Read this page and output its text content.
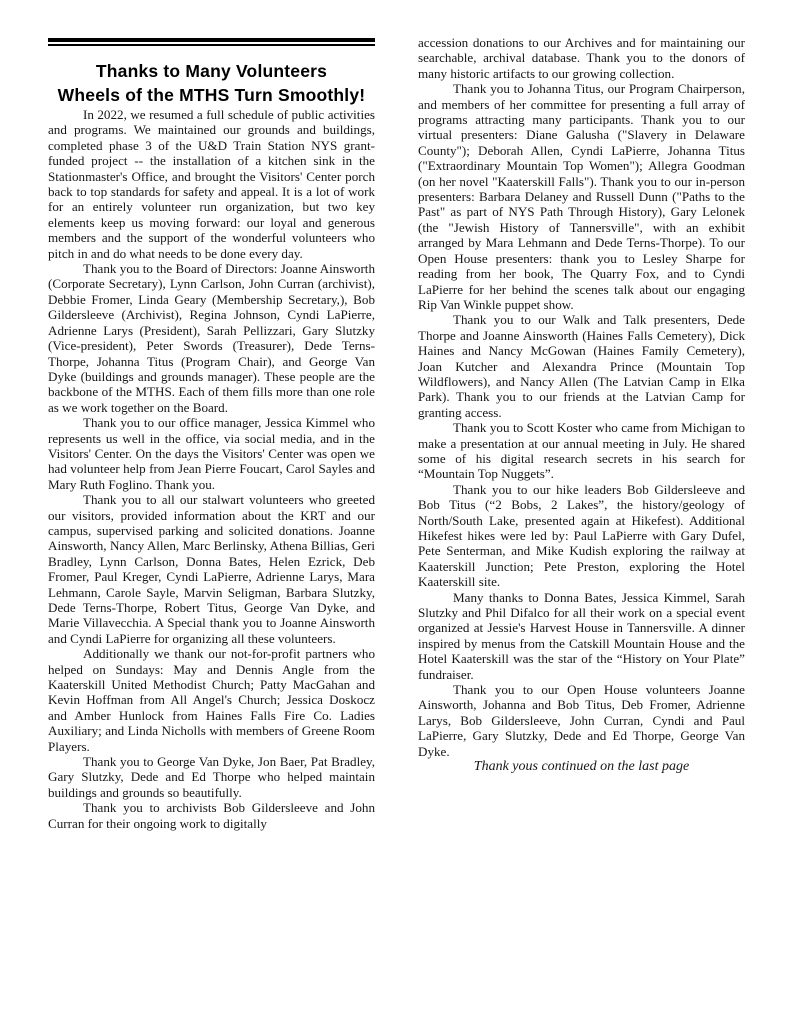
Thanks to Many Volunteers
Wheels of the MTHS Turn Smoothly!

In 2022, we resumed a full schedule of public activities and programs. We maintained our grounds and buildings, completed phase 3 of the U&D Train Station NYS grant-funded project -- the installation of a kitchen sink in the Stationmaster's Office, and brought the Visitors' Center porch back to top standards for safety and appeal. It is a lot of work for an entirely volunteer run organization, but two key elements keep us moving forward: our loyal and generous members and the support of the wonderful volunteers who pitch in and do what needs to be done every day.

Thank you to the Board of Directors: Joanne Ainsworth (Corporate Secretary), Lynn Carlson, John Curran (archivist), Debbie Fromer, Linda Geary (Membership Secretary,), Bob Gildersleeve (Archivist), Regina Johnson, Cyndi LaPierre, Adrienne Larys (President), Sarah Pellizzari, Gary Slutzky (Vice-president), Peter Swords (Treasurer), Dede Terns-Thorpe, Johanna Titus (Program Chair), and George Van Dyke (buildings and grounds manager). These people are the backbone of the MTHS. Each of them fills more than one role as we work together on the Board.

Thank you to our office manager, Jessica Kimmel who represents us well in the office, via social media, and in the Visitors' Center. On the days the Visitors' Center was open we had volunteer help from Jean Pierre Foucart, Carol Sayles and Mary Ruth Foglino. Thank you.

Thank you to all our stalwart volunteers who greeted our visitors, provided information about the KRT and our campus, supervised parking and solicited donations. Joanne Ainsworth, Nancy Allen, Marc Berlinsky, Athena Billias, Geri Bradley, Lynn Carlson, Donna Bates, Helen Ezrick, Deb Fromer, Paul Kreger, Cyndi LaPierre, Adrienne Larys, Mara Lehmann, Carole Sayle, Marvin Seligman, Barbara Slutzky, Dede Terns-Thorpe, Robert Titus, George Van Dyke, and Marie Villavecchia. A Special thank you to Joanne Ainsworth and Cyndi LaPierre for organizing all these volunteers.

Additionally we thank our not-for-profit partners who helped on Sundays: May and Dennis Angle from the Kaaterskill United Methodist Church; Patty MacGahan and Kevin Hoffman from All Angel's Church; Jessica Doskocz and Amber Hunlock from Haines Falls Fire Co. Ladies Auxiliary; and Linda Nicholls with members of Greene Room Players.

Thank you to George Van Dyke, Jon Baer, Pat Bradley, Gary Slutzky, Dede and Ed Thorpe who helped maintain buildings and grounds so beautifully.

Thank you to archivists Bob Gildersleeve and John Curran for their ongoing work to digitally

accession donations to our Archives and for maintaining our searchable, archival database. Thank you to the donors of many historic artifacts to our growing collection.

Thank you to Johanna Titus, our Program Chairperson, and members of her committee for presenting a full array of programs attracting many participants. Thank you to our virtual presenters: Diane Galusha ("Slavery in Delaware County"); Deborah Allen, Cyndi LaPierre, Johanna Titus ("Extraordinary Mountain Top Women"); Allegra Goodman (on her novel "Kaaterskill Falls"). Thank you to our in-person presenters: Barbara Delaney and Russell Dunn ("Paths to the Past" as part of NYS Path Through History), Gary Lelonek (the "Jewish History of Tannersville", with an exhibit arranged by Mara Lehmann and Dede Terns-Thorpe). To our Open House presenters: thank you to Lesley Sharpe for reading from her book, The Quarry Fox, and to Cyndi LaPierre for her behind the scenes talk about our engaging Rip Van Winkle puppet show.

Thank you to our Walk and Talk presenters, Dede Thorpe and Joanne Ainsworth (Haines Falls Cemetery), Dick Haines and Nancy McGowan (Haines Family Cemetery), Joan Kutcher and Alexandra Prince (Mountain Top Wildflowers), and Nancy Allen (The Latvian Camp in Elka Park). Thank you to our friends at the Latvian Camp for granting access.

Thank you to Scott Koster who came from Michigan to make a presentation at our annual meeting in July. He shared some of his digital research secrets in his search for “Mountain Top Nuggets”.

Thank you to our hike leaders Bob Gildersleeve and Bob Titus (“2 Bobs, 2 Lakes”, the history/geology of North/South Lake, presented again at Hikefest). Additional Hikefest hikes were led by: Paul LaPierre with Gary Dufel, Pete Senterman, and Mike Kudish exploring the railway at Kaaterskill Junction; Pete Preston, exploring the Hotel Kaaterskill site.

Many thanks to Donna Bates, Jessica Kimmel, Sarah Slutzky and Phil Difalco for all their work on a special event organized at Jessie's Harvest House in Tannersville. A dinner inspired by menus from the Catskill Mountain House and the Hotel Kaaterskill was the star of the “History on Your Plate” fundraiser.

Thank you to our Open House volunteers Joanne Ainsworth, Johanna and Bob Titus, Deb Fromer, Adrienne Larys, Bob Gildersleeve, John Curran, Cyndi and Paul LaPierre, Gary Slutzky, Dede and Ed Thorpe, George Van Dyke.

Thank yous continued on the last page
